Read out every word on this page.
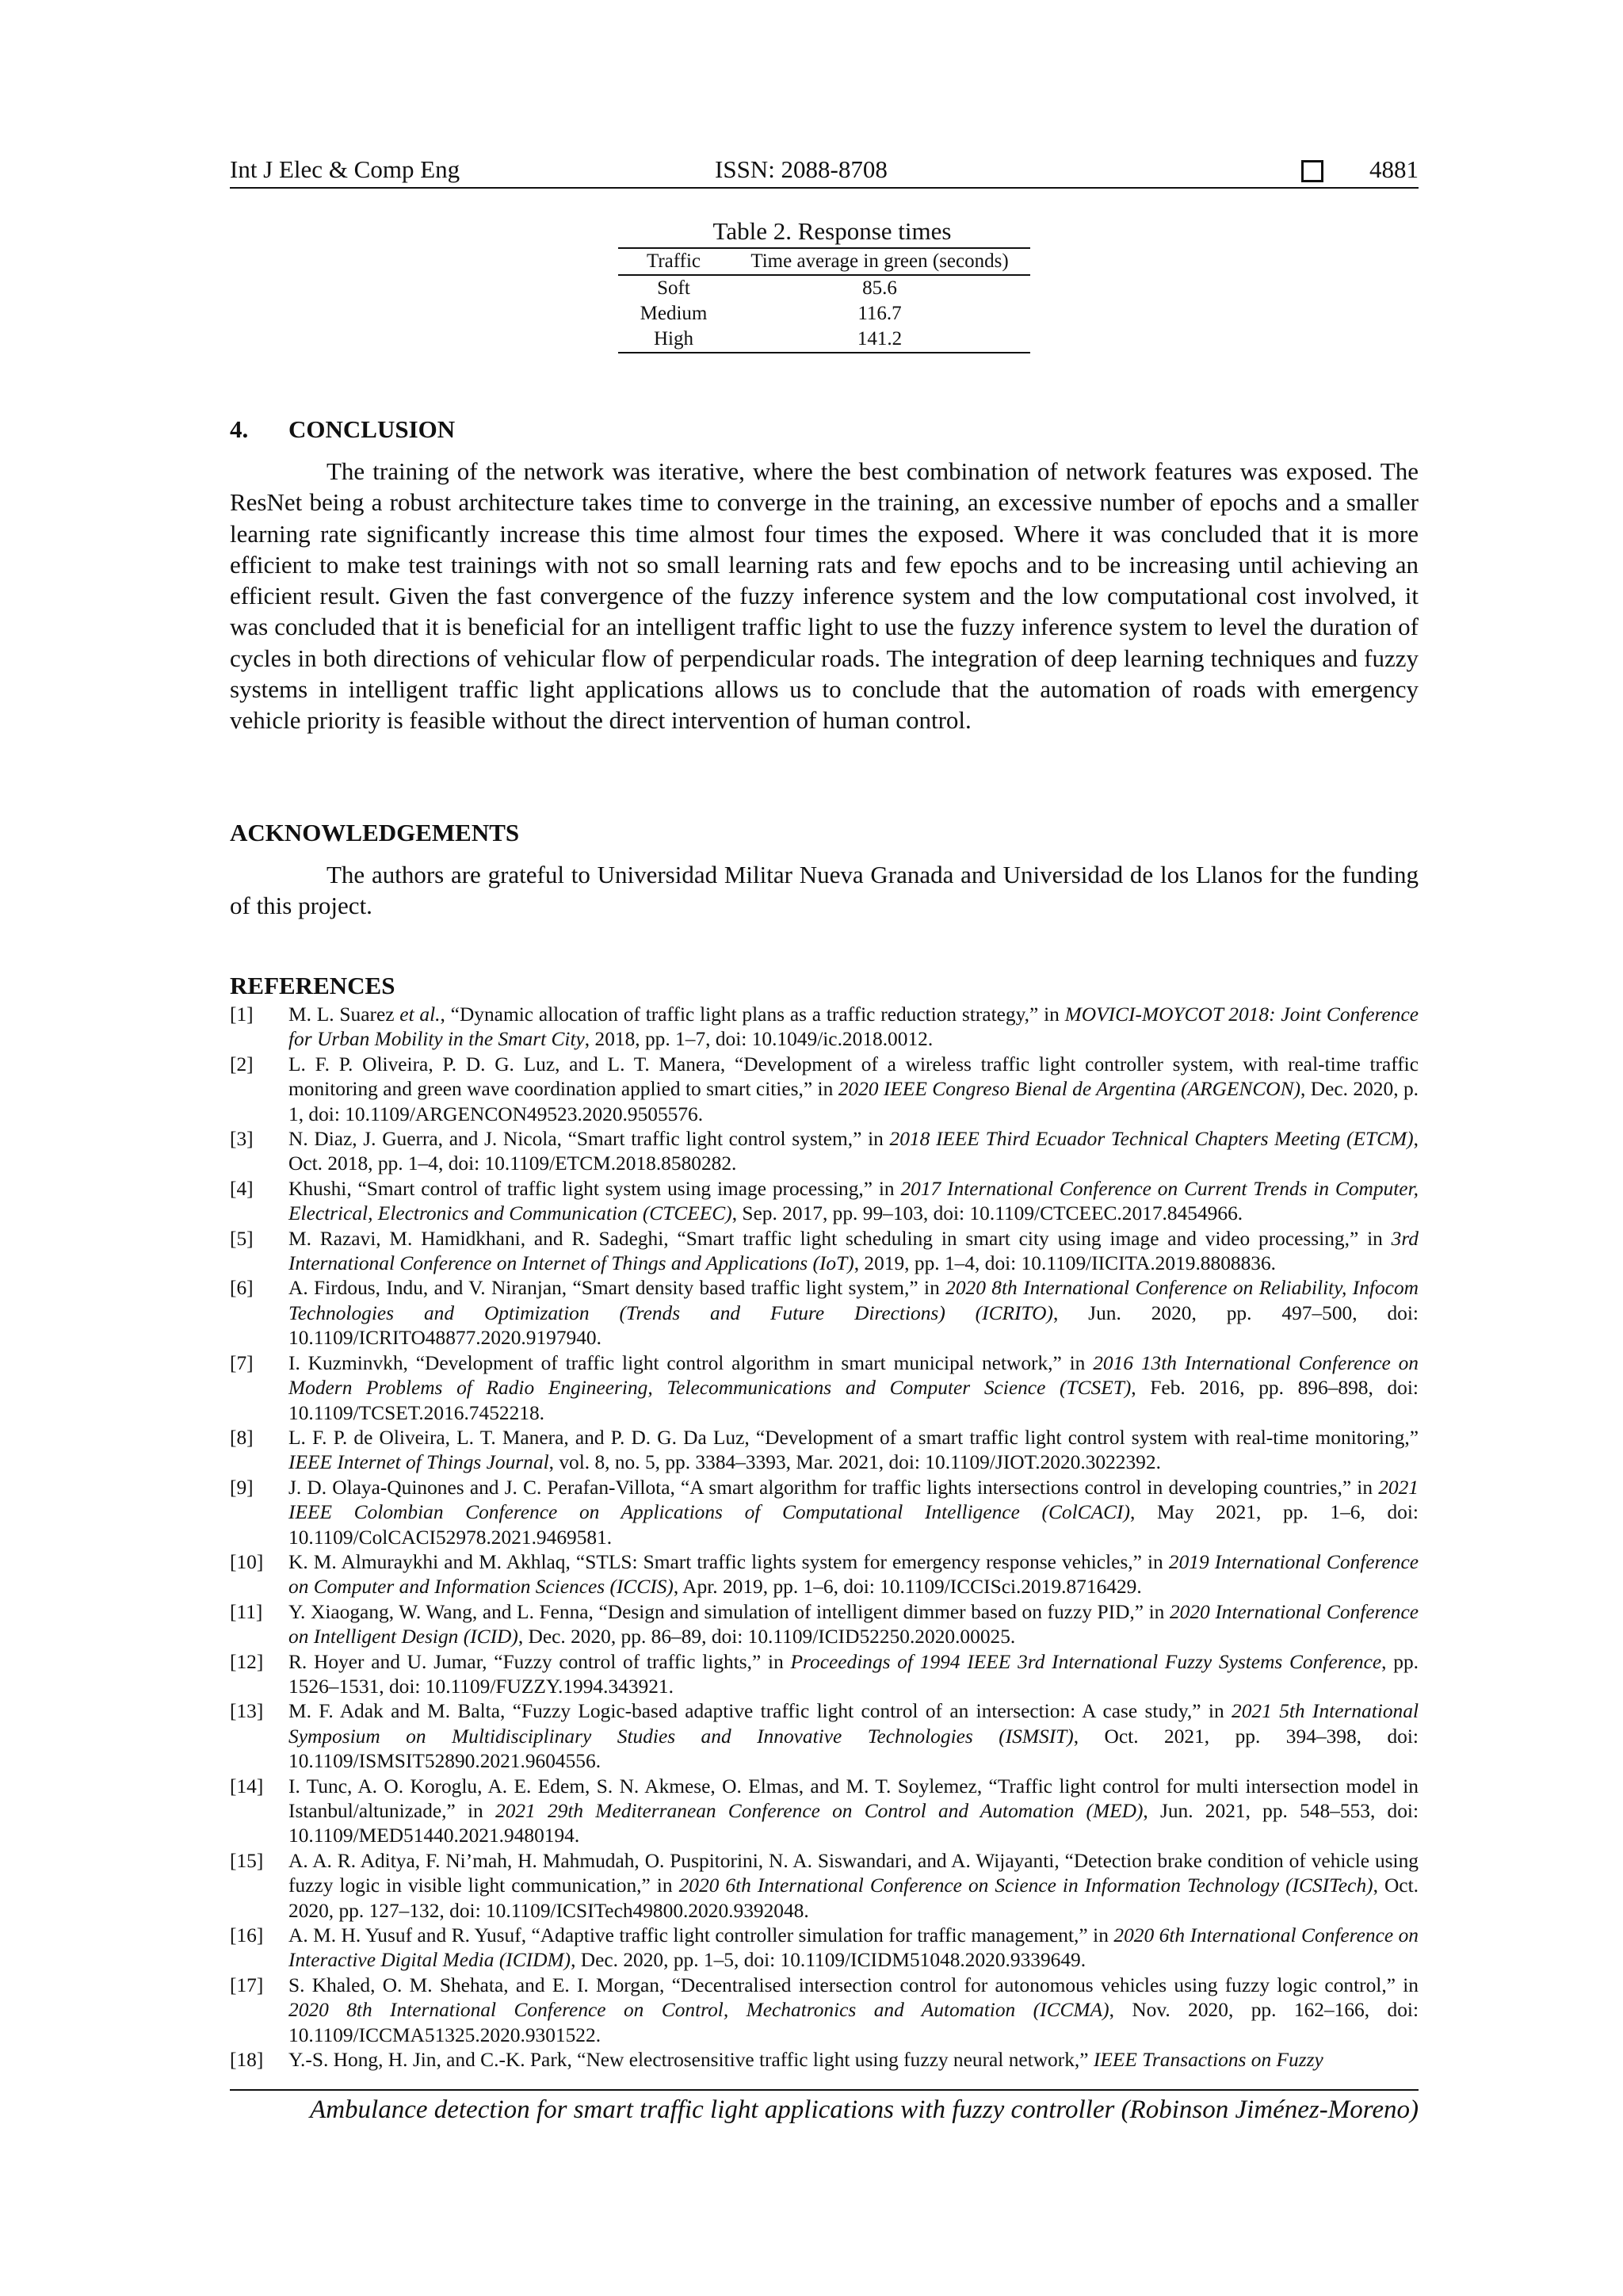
Int J Elec & Comp Eng	ISSN: 2088-8708	4881
Table 2. Response times
Traffic	Time average in green (seconds)
Soft	85.6
Medium	116.7
High	141.2
4. CONCLUSION

The training of the network was iterative, where the best combination of network features was exposed. The ResNet being a robust architecture takes time to converge in the training, an excessive number of epochs and a smaller learning rate significantly increase this time almost four times the exposed. Where it was concluded that it is more efficient to make test trainings with not so small learning rats and few epochs and to be increasing until achieving an efficient result. Given the fast convergence of the fuzzy inference system and the low computational cost involved, it was concluded that it is beneficial for an intelligent traffic light to use the fuzzy inference system to level the duration of cycles in both directions of vehicular flow of perpendicular roads. The integration of deep learning techniques and fuzzy systems in intelligent traffic light applications allows us to conclude that the automation of roads with emergency vehicle priority is feasible without the direct intervention of human control.

ACKNOWLEDGEMENTS

The authors are grateful to Universidad Militar Nueva Granada and Universidad de los Llanos for the funding of this project.

REFERENCES
[1]	M. L. Suarez et al., “Dynamic allocation of traffic light plans as a traffic reduction strategy,” in MOVICI-MOYCOT 2018: Joint Conference for Urban Mobility in the Smart City, 2018, pp. 1–7, doi: 10.1049/ic.2018.0012.
[2]	L. F. P. Oliveira, P. D. G. Luz, and L. T. Manera, “Development of a wireless traffic light controller system, with real-time traffic monitoring and green wave coordination applied to smart cities,” in 2020 IEEE Congreso Bienal de Argentina (ARGENCON), Dec. 2020, p. 1, doi: 10.1109/ARGENCON49523.2020.9505576.
[3]	N. Diaz, J. Guerra, and J. Nicola, “Smart traffic light control system,” in 2018 IEEE Third Ecuador Technical Chapters Meeting (ETCM), Oct. 2018, pp. 1–4, doi: 10.1109/ETCM.2018.8580282.
[4]	Khushi, “Smart control of traffic light system using image processing,” in 2017 International Conference on Current Trends in Computer, Electrical, Electronics and Communication (CTCEEC), Sep. 2017, pp. 99–103, doi: 10.1109/CTCEEC.2017.8454966.
[5]	M. Razavi, M. Hamidkhani, and R. Sadeghi, “Smart traffic light scheduling in smart city using image and video processing,” in 3rd International Conference on Internet of Things and Applications (IoT), 2019, pp. 1–4, doi: 10.1109/IICITA.2019.8808836.
[6]	A. Firdous, Indu, and V. Niranjan, “Smart density based traffic light system,” in 2020 8th International Conference on Reliability, Infocom Technologies and Optimization (Trends and Future Directions) (ICRITO), Jun. 2020, pp. 497–500, doi: 10.1109/ICRITO48877.2020.9197940.
[7]	I. Kuzminvkh, “Development of traffic light control algorithm in smart municipal network,” in 2016 13th International Conference on Modern Problems of Radio Engineering, Telecommunications and Computer Science (TCSET), Feb. 2016, pp. 896–898, doi: 10.1109/TCSET.2016.7452218.
[8]	L. F. P. de Oliveira, L. T. Manera, and P. D. G. Da Luz, “Development of a smart traffic light control system with real-time monitoring,” IEEE Internet of Things Journal, vol. 8, no. 5, pp. 3384–3393, Mar. 2021, doi: 10.1109/JIOT.2020.3022392.
[9]	J. D. Olaya-Quinones and J. C. Perafan-Villota, “A smart algorithm for traffic lights intersections control in developing countries,” in 2021 IEEE Colombian Conference on Applications of Computational Intelligence (ColCACI), May 2021, pp. 1–6, doi: 10.1109/ColCACI52978.2021.9469581.
[10]	K. M. Almuraykhi and M. Akhlaq, “STLS: Smart traffic lights system for emergency response vehicles,” in 2019 International Conference on Computer and Information Sciences (ICCIS), Apr. 2019, pp. 1–6, doi: 10.1109/ICCISci.2019.8716429.
[11]	Y. Xiaogang, W. Wang, and L. Fenna, “Design and simulation of intelligent dimmer based on fuzzy PID,” in 2020 International Conference on Intelligent Design (ICID), Dec. 2020, pp. 86–89, doi: 10.1109/ICID52250.2020.00025.
[12]	R. Hoyer and U. Jumar, “Fuzzy control of traffic lights,” in Proceedings of 1994 IEEE 3rd International Fuzzy Systems Conference, pp. 1526–1531, doi: 10.1109/FUZZY.1994.343921.
[13]	M. F. Adak and M. Balta, “Fuzzy Logic-based adaptive traffic light control of an intersection: A case study,” in 2021 5th International Symposium on Multidisciplinary Studies and Innovative Technologies (ISMSIT), Oct. 2021, pp. 394–398, doi: 10.1109/ISMSIT52890.2021.9604556.
[14]	I. Tunc, A. O. Koroglu, A. E. Edem, S. N. Akmese, O. Elmas, and M. T. Soylemez, “Traffic light control for multi intersection model in Istanbul/altunizade,” in 2021 29th Mediterranean Conference on Control and Automation (MED), Jun. 2021, pp. 548–553, doi: 10.1109/MED51440.2021.9480194.
[15]	A. A. R. Aditya, F. Ni’mah, H. Mahmudah, O. Puspitorini, N. A. Siswandari, and A. Wijayanti, “Detection brake condition of vehicle using fuzzy logic in visible light communication,” in 2020 6th International Conference on Science in Information Technology (ICSITech), Oct. 2020, pp. 127–132, doi: 10.1109/ICSITech49800.2020.9392048.
[16]	A. M. H. Yusuf and R. Yusuf, “Adaptive traffic light controller simulation for traffic management,” in 2020 6th International Conference on Interactive Digital Media (ICIDM), Dec. 2020, pp. 1–5, doi: 10.1109/ICIDM51048.2020.9339649.
[17]	S. Khaled, O. M. Shehata, and E. I. Morgan, “Decentralised intersection control for autonomous vehicles using fuzzy logic control,” in 2020 8th International Conference on Control, Mechatronics and Automation (ICCMA), Nov. 2020, pp. 162–166, doi: 10.1109/ICCMA51325.2020.9301522.
[18]	Y.-S. Hong, H. Jin, and C.-K. Park, “New electrosensitive traffic light using fuzzy neural network,” IEEE Transactions on Fuzzy
Ambulance detection for smart traffic light applications with fuzzy controller (Robinson Jiménez-Moreno)
